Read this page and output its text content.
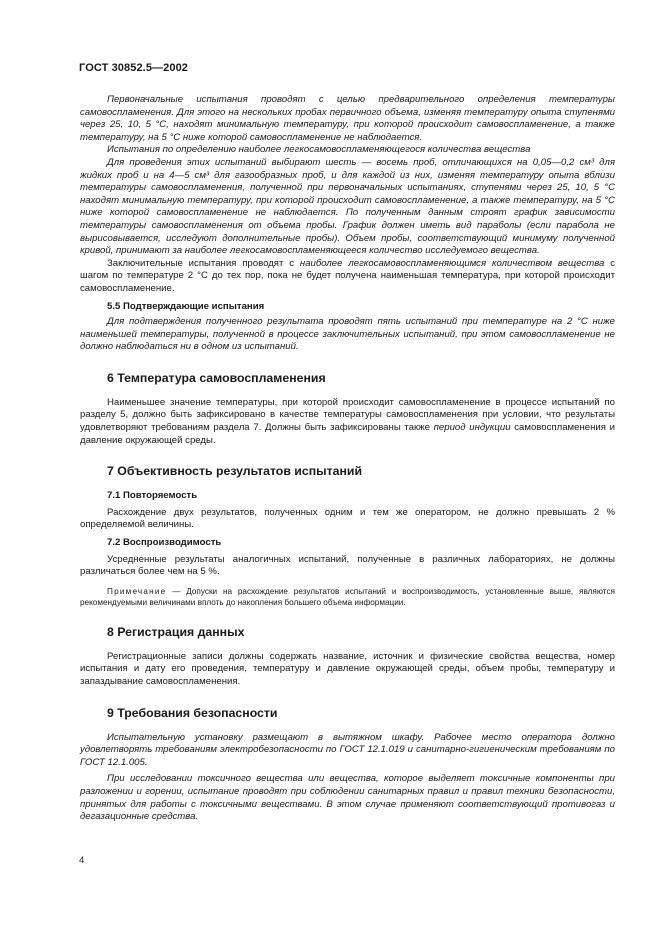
ГОСТ 30852.5—2002

Первоначальные испытания проводят с целью предварительного определения температуры самовоспламенения. Для этого на нескольких пробах первичного объема, изменяя температуру опыта ступенями через 25, 10, 5 °С, находят минимальную температуру, при которой происходит самовоспламенение, а также температуру, на 5 °С ниже которой самовоспламенение не наблюдается.

Испытания по определению наиболее легкосамовоспламеняющегося количества вещества

Для проведения этих испытаний выбирают шесть — восемь проб, отличающихся на 0,05—0,2 см³ для жидких проб и на 4—5 см³ для газообразных проб, и для каждой из них, изменяя температуру опыта вблизи температуры самовоспламенения, полученной при первоначальных испытаниях, ступенями через 25, 10, 5 °С находят минимальную температуру, при которой происходит самовоспламенение, а также температуру, на 5 °С ниже которой самовоспламенение не наблюдается. По полученным данным строят график зависимости температуры самовоспламенения от объема пробы. График должен иметь вид параболы (если парабола не вырисовывается, исследуют дополнительные пробы). Объем пробы, соответствующий минимуму полученной кривой, принимают за наиболее легкосамовоспламеняющееся количество исследуемого вещества.

Заключительные испытания проводят с наиболее легкосамовоспламеняющимся количеством вещества с шагом по температуре 2 °С до тех пор, пока не будет получена наименьшая температура, при которой происходит самовоспламенение.

5.5 Подтверждающие испытания

Для подтверждения полученного результата проводят пять испытаний при температуре на 2 °С ниже наименьшей температуры, полученной в процессе заключительных испытаний, при этом самовоспламенение не должно наблюдаться ни в одном из испытаний.

6 Температура самовоспламенения

Наименьшее значение температуры, при которой происходит самовоспламенение в процессе испытаний по разделу 5, должно быть зафиксировано в качестве температуры самовоспламенения при условии, что результаты удовлетворяют требованиям раздела 7. Должны быть зафиксированы также период индукции самовоспламенения и давление окружающей среды.

7 Объективность результатов испытаний
7.1 Повторяемость

Расхождение двух результатов, полученных одним и тем же оператором, не должно превышать 2 % определяемой величины.

7.2 Воспроизводимость

Усредненные результаты аналогичных испытаний, полученные в различных лабораториях, не должны различаться более чем на 5 %.

Примечание — Допуски на расхождение результатов испытаний и воспроизводимость, установленные выше, являются рекомендуемыми величинами вплоть до накопления большего объема информации.

8 Регистрация данных

Регистрационные записи должны содержать название, источник и физические свойства вещества, номер испытания и дату его проведения, температуру и давление окружающей среды, объем пробы, температуру и запаздывание самовоспламенения.

9 Требования безопасности

Испытательную установку размещают в вытяжном шкафу. Рабочее место оператора должно удовлетворять требованиям электробезопасности по ГОСТ 12.1.019 и санитарно-гигиеническим требованиям по ГОСТ 12.1.005.

При исследовании токсичного вещества или вещества, которое выделяет токсичные компоненты при разложении и горении, испытание проводят при соблюдении санитарных правил и правил техники безопасности, принятых для работы с токсичными веществами. В этом случае применяют соответствующий противогаз и дегазационные средства.

4
